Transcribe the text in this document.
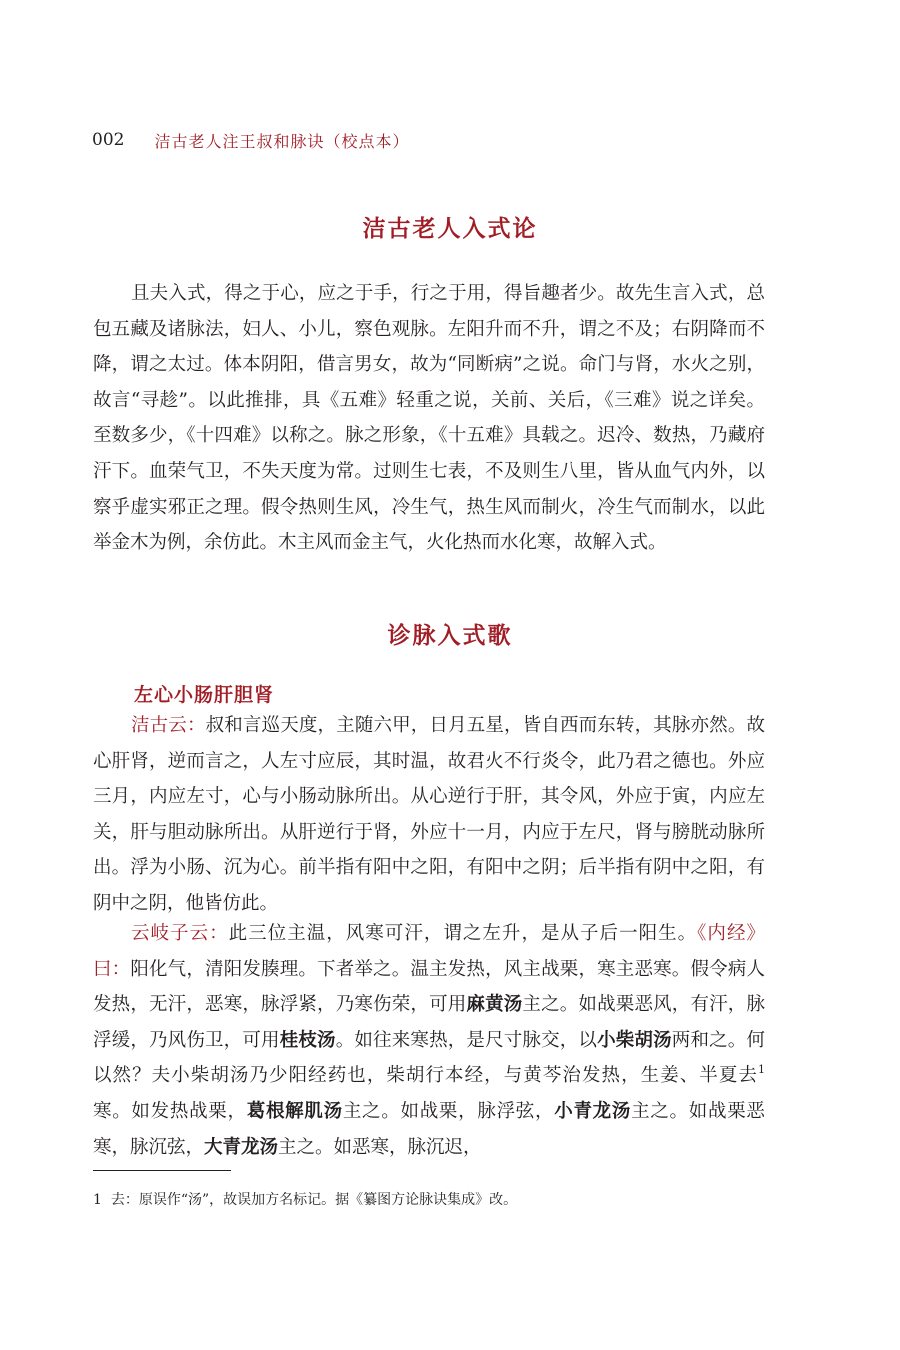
002 洁古老人注王叔和脉诀（校点本）
洁古老人入式论
且夫入式，得之于心，应之于手，行之于用，得旨趣者少。故先生言入式，总包五藏及诸脉法，妇人、小儿，察色观脉。左阳升而不升，谓之不及；右阴降而不降，谓之太过。体本阴阳，借言男女，故为“同断病”之说。命门与肾，水火之别，故言“寻趁”。以此推排，具《五难》轻重之说，关前、关后，《三难》说之详矣。至数多少，《十四难》以称之。脉之形象，《十五难》具载之。迟冷、数热，乃藏府汗下。血荣气卫，不失天度为常。过则生七表，不及则生八里，皆从血气内外，以察乎虚实邪正之理。假令热则生风，冷生气，热生风而制火，冷生气而制水，以此举金木为例，余仿此。木主风而金主气，火化热而水化寒，故解入式。
诊脉入式歌
左心小肠肝胆肾
洁古云：叔和言巡天度，主随六甲，日月五星，皆自西而东转，其脉亦然。故心肝肾，逆而言之，人左寸应辰，其时温，故君火不行炎令，此乃君之德也。外应三月，内应左寸，心与小肠动脉所出。从心逆行于肝，其令风，外应于寅，内应左关，肝与胆动脉所出。从肝逆行于肾，外应十一月，内应于左尺，肾与膀胱动脉所出。浮为小肠、沉为心。前半指有阳中之阳，有阳中之阴；后半指有阴中之阳，有阴中之阴，他皆仿此。
云岐子云：此三位主温，风寒可汗，谓之左升，是从子后一阳生。《内经》曰：阳化气，清阳发腠理。下者举之。温主发热，风主战栗，寒主恶寒。假令病人发热，无汗，恶寒，脉浮紧，乃寒伤荣，可用麻黄汤主之。如战栗恶风，有汗，脉浮缓，乃风伤卫，可用桂枝汤。如往来寒热，是尺寸脉交，以小柴胡汤两和之。何以然？夫小柴胡汤乃少阳经药也，柴胡行本经，与黄芩治发热，生姜、半夏去$^1$寒。如发热战栗，葛根解肌汤主之。如战栗，脉浮弦，小青龙汤主之。如战栗恶寒，脉沉弦，大青龙汤主之。如恶寒，脉沉迟，
1 去：原误作“汤”，故误加方名标记。据《纂图方论脉诀集成》改。
